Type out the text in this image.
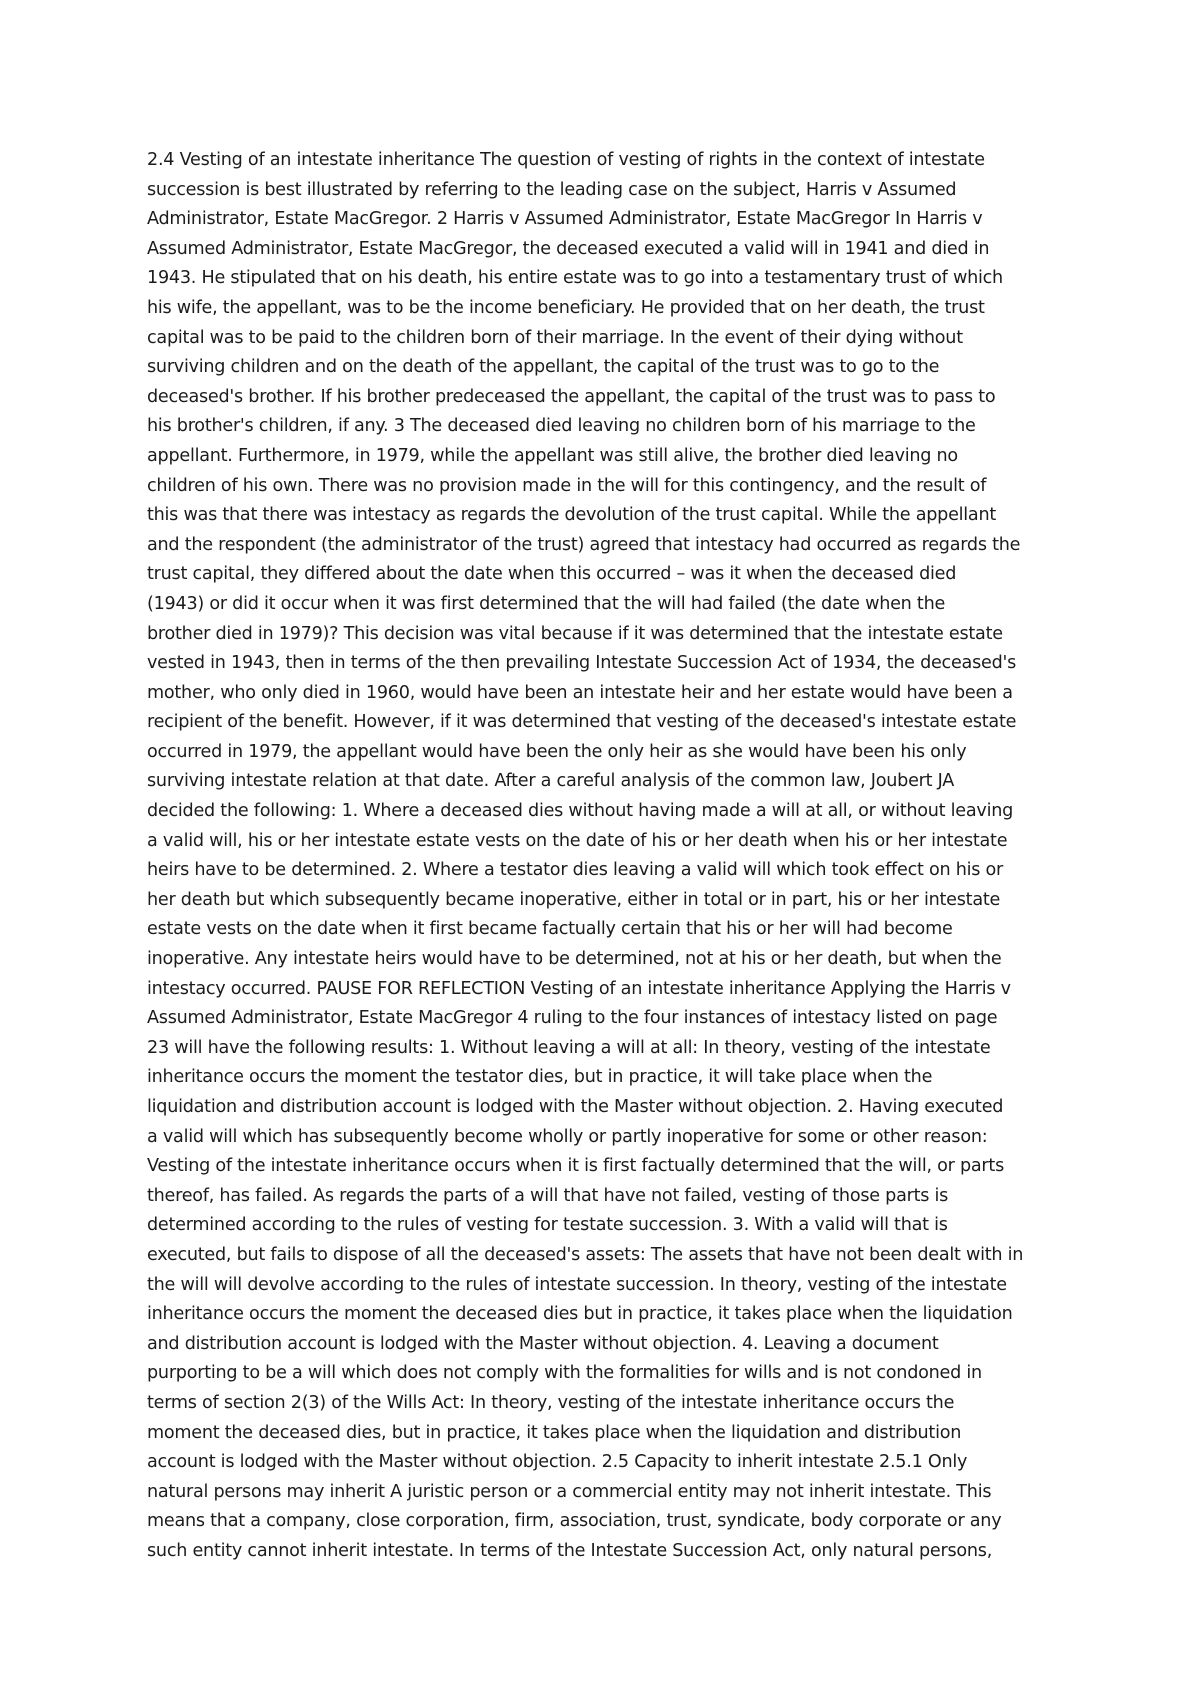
2.4 Vesting of an intestate inheritance The question of vesting of rights in the context of intestate
succession is best illustrated by referring to the leading case on the subject, Harris v Assumed
Administrator, Estate MacGregor. 2 Harris v Assumed Administrator, Estate MacGregor In Harris v
Assumed Administrator, Estate MacGregor, the deceased executed a valid will in 1941 and died in
1943. He stipulated that on his death, his entire estate was to go into a testamentary trust of which
his wife, the appellant, was to be the income beneficiary. He provided that on her death, the trust
capital was to be paid to the children born of their marriage. In the event of their dying without
surviving children and on the death of the appellant, the capital of the trust was to go to the
deceased's brother. If his brother predeceased the appellant, the capital of the trust was to pass to
his brother's children, if any. 3 The deceased died leaving no children born of his marriage to the
appellant. Furthermore, in 1979, while the appellant was still alive, the brother died leaving no
children of his own. There was no provision made in the will for this contingency, and the result of
this was that there was intestacy as regards the devolution of the trust capital. While the appellant
and the respondent (the administrator of the trust) agreed that intestacy had occurred as regards the
trust capital, they differed about the date when this occurred – was it when the deceased died
(1943) or did it occur when it was first determined that the will had failed (the date when the
brother died in 1979)? This decision was vital because if it was determined that the intestate estate
vested in 1943, then in terms of the then prevailing Intestate Succession Act of 1934, the deceased's
mother, who only died in 1960, would have been an intestate heir and her estate would have been a
recipient of the benefit. However, if it was determined that vesting of the deceased's intestate estate
occurred in 1979, the appellant would have been the only heir as she would have been his only
surviving intestate relation at that date. After a careful analysis of the common law, Joubert JA
decided the following: 1. Where a deceased dies without having made a will at all, or without leaving
a valid will, his or her intestate estate vests on the date of his or her death when his or her intestate
heirs have to be determined. 2. Where a testator dies leaving a valid will which took effect on his or
her death but which subsequently became inoperative, either in total or in part, his or her intestate
estate vests on the date when it first became factually certain that his or her will had become
inoperative. Any intestate heirs would have to be determined, not at his or her death, but when the
intestacy occurred. PAUSE FOR REFLECTION Vesting of an intestate inheritance Applying the Harris v
Assumed Administrator, Estate MacGregor 4 ruling to the four instances of intestacy listed on page
23 will have the following results: 1. Without leaving a will at all: In theory, vesting of the intestate
inheritance occurs the moment the testator dies, but in practice, it will take place when the
liquidation and distribution account is lodged with the Master without objection. 2. Having executed
a valid will which has subsequently become wholly or partly inoperative for some or other reason:
Vesting of the intestate inheritance occurs when it is first factually determined that the will, or parts
thereof, has failed. As regards the parts of a will that have not failed, vesting of those parts is
determined according to the rules of vesting for testate succession. 3. With a valid will that is
executed, but fails to dispose of all the deceased's assets: The assets that have not been dealt with in
the will will devolve according to the rules of intestate succession. In theory, vesting of the intestate
inheritance occurs the moment the deceased dies but in practice, it takes place when the liquidation
and distribution account is lodged with the Master without objection. 4. Leaving a document
purporting to be a will which does not comply with the formalities for wills and is not condoned in
terms of section 2(3) of the Wills Act: In theory, vesting of the intestate inheritance occurs the
moment the deceased dies, but in practice, it takes place when the liquidation and distribution
account is lodged with the Master without objection. 2.5 Capacity to inherit intestate 2.5.1 Only
natural persons may inherit A juristic person or a commercial entity may not inherit intestate. This
means that a company, close corporation, firm, association, trust, syndicate, body corporate or any
such entity cannot inherit intestate. In terms of the Intestate Succession Act, only natural persons,
